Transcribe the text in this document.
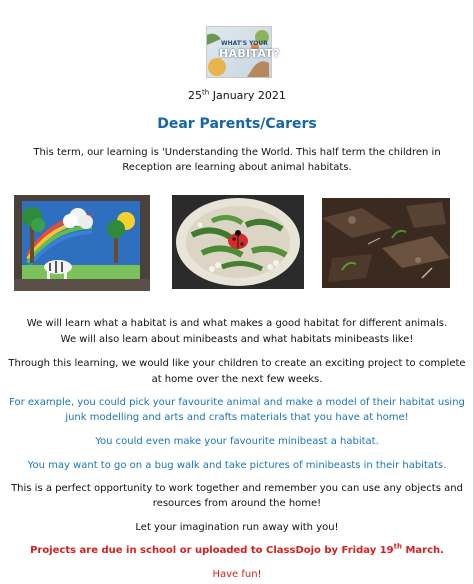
WHAT'S YOUR
HABITAT?
25th January 2021
Dear Parents/Carers
This term, our learning is 'Understanding the World. This half term the children in
Reception are learning about animal habitats.
We will learn what a habitat is and what makes a good habitat for different animals.
We will also learn about minibeasts and what habitats minibeasts like!
Through this learning, we would like your children to create an exciting project to complete
at home over the next few weeks.
For example, you could pick your favourite animal and make a model of their habitat using
junk modelling and arts and crafts materials that you have at home!
You could even make your favourite minibeast a habitat.
You may want to go on a bug walk and take pictures of minibeasts in their habitats.
This is a perfect opportunity to work together and remember you can use any objects and
resources from around the home!
Let your imagination run away with you!
Projects are due in school or uploaded to ClassDojo by Friday 19th March.
Have fun!
